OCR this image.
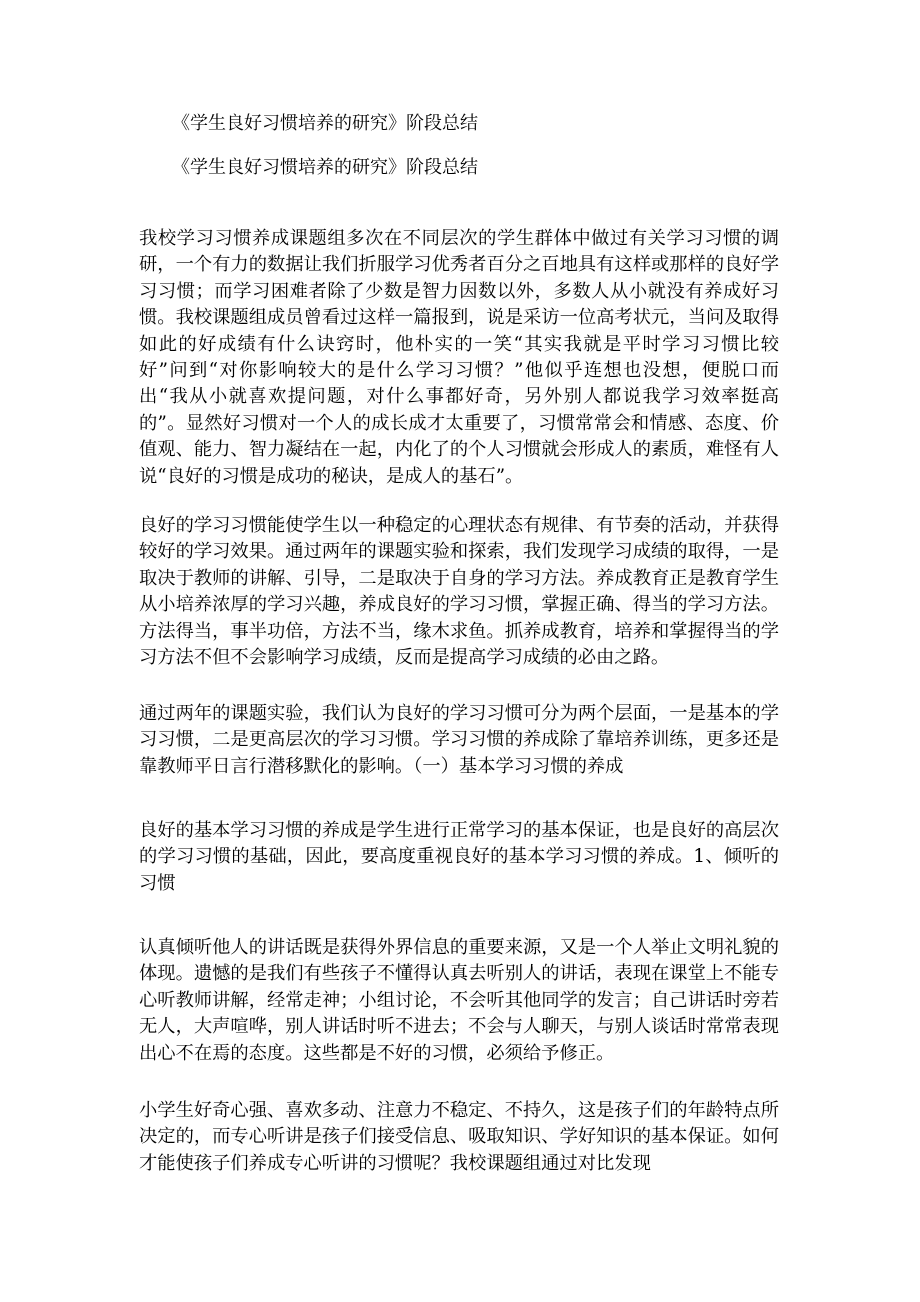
《学生良好习惯培养的研究》阶段总结
《学生良好习惯培养的研究》阶段总结

我校学习习惯养成课题组多次在不同层次的学生群体中做过有关学习习惯的调研，一个有力的数据让我们折服学习优秀者百分之百地具有这样或那样的良好学习习惯；而学习困难者除了少数是智力因数以外，多数人从小就没有养成好习惯。我校课题组成员曾看过这样一篇报到，说是采访一位高考状元，当问及取得如此的好成绩有什么诀窍时，他朴实的一笑“其实我就是平时学习习惯比较好”问到“对你影响较大的是什么学习习惯？”他似乎连想也没想，便脱口而出“我从小就喜欢提问题，对什么事都好奇，另外别人都说我学习效率挺高的”。显然好习惯对一个人的成长成才太重要了，习惯常常会和情感、态度、价值观、能力、智力凝结在一起，内化了的个人习惯就会形成人的素质，难怪有人说“良好的习惯是成功的秘诀，是成人的基石”。

良好的学习习惯能使学生以一种稳定的心理状态有规律、有节奏的活动，并获得较好的学习效果。通过两年的课题实验和探索，我们发现学习成绩的取得，一是取决于教师的讲解、引导，二是取决于自身的学习方法。养成教育正是教育学生从小培养浓厚的学习兴趣，养成良好的学习习惯，掌握正确、得当的学习方法。方法得当，事半功倍，方法不当，缘木求鱼。抓养成教育，培养和掌握得当的学习方法不但不会影响学习成绩，反而是提高学习成绩的必由之路。

通过两年的课题实验，我们认为良好的学习习惯可分为两个层面，一是基本的学习习惯，二是更高层次的学习习惯。学习习惯的养成除了靠培养训练，更多还是靠教师平日言行潜移默化的影响。（一）基本学习习惯的养成

良好的基本学习习惯的养成是学生进行正常学习的基本保证，也是良好的高层次的学习习惯的基础，因此，要高度重视良好的基本学习习惯的养成。1、倾听的习惯

认真倾听他人的讲话既是获得外界信息的重要来源，又是一个人举止文明礼貌的体现。遗憾的是我们有些孩子不懂得认真去听别人的讲话，表现在课堂上不能专心听教师讲解，经常走神；小组讨论，不会听其他同学的发言；自己讲话时旁若无人，大声喧哗，别人讲话时听不进去；不会与人聊天，与别人谈话时常常表现出心不在焉的态度。这些都是不好的习惯，必须给予修正。

小学生好奇心强、喜欢多动、注意力不稳定、不持久，这是孩子们的年龄特点所决定的，而专心听讲是孩子们接受信息、吸取知识、学好知识的基本保证。如何才能使孩子们养成专心听讲的习惯呢？我校课题组通过对比发现
